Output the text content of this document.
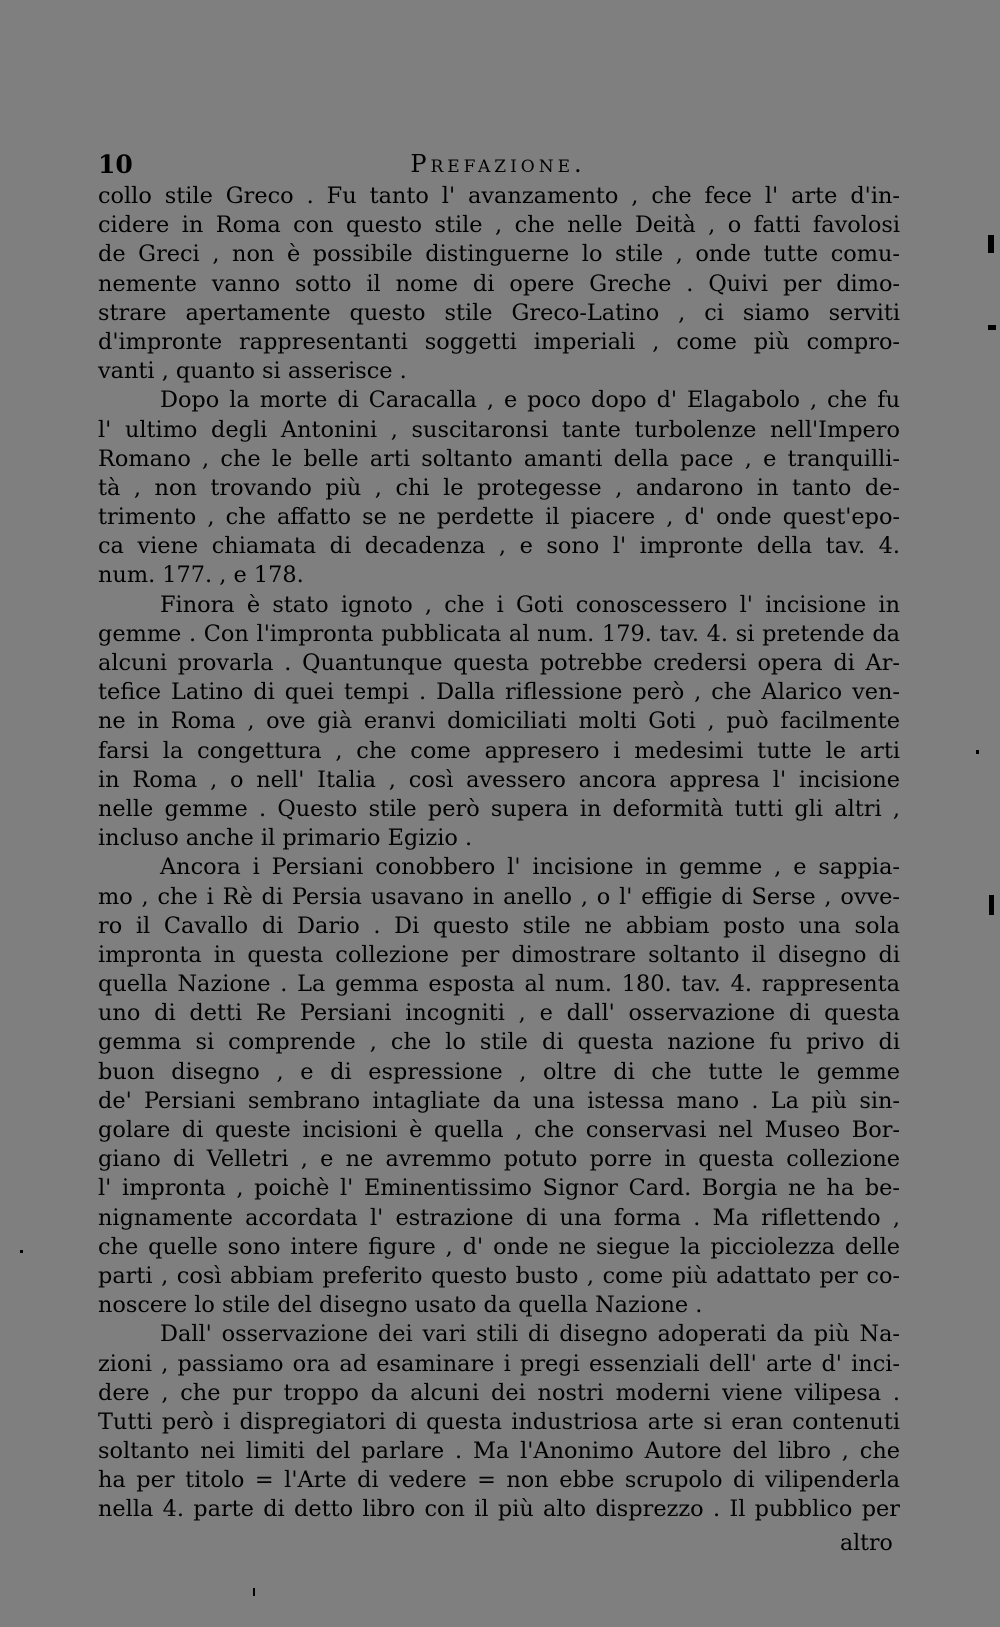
10	Prefazione.
collo stile Greco . Fu tanto l' avanzamento , che fece l' arte d'in-
cidere in Roma con questo stile , che nelle Deità , o fatti favolosi
de Greci , non è possibile distinguerne lo stile , onde tutte comu-
nemente vanno sotto il nome di opere Greche . Quivi per dimo-
strare apertamente questo stile Greco-Latino , ci siamo serviti
d'impronte rappresentanti soggetti imperiali , come più compro-
vanti , quanto si asserisce .
Dopo la morte di Caracalla , e poco dopo d' Elagabolo , che fu
l' ultimo degli Antonini , suscitaronsi tante turbolenze nell'Impero
Romano , che le belle arti soltanto amanti della pace , e tranquilli-
tà , non trovando più , chi le protegesse , andarono in tanto de-
trimento , che affatto se ne perdette il piacere , d' onde quest'epo-
ca viene chiamata di decadenza , e sono l' impronte della tav. 4.
num. 177. , e 178.
Finora è stato ignoto , che i Goti conoscessero l' incisione in
gemme . Con l'impronta pubblicata al num. 179. tav. 4. si pretende da
alcuni provarla . Quantunque questa potrebbe credersi opera di Ar-
tefice Latino di quei tempi . Dalla riflessione però , che Alarico ven-
ne in Roma , ove già eranvi domiciliati molti Goti , può facilmente
farsi la congettura , che come appresero i medesimi tutte le arti
in Roma , o nell' Italia , così avessero ancora appresa l' incisione
nelle gemme . Questo stile però supera in deformità tutti gli altri ,
incluso anche il primario Egizio .
Ancora i Persiani conobbero l' incisione in gemme , e sappia-
mo , che i Rè di Persia usavano in anello , o l' effigie di Serse , ovve-
ro il Cavallo di Dario . Di questo stile ne abbiam posto una sola
impronta in questa collezione per dimostrare soltanto il disegno di
quella Nazione . La gemma esposta al num. 180. tav. 4. rappresenta
uno di detti Re Persiani incogniti , e dall' osservazione di questa
gemma si comprende , che lo stile di questa nazione fu privo di
buon disegno , e di espressione , oltre di che tutte le gemme
de' Persiani sembrano intagliate da una istessa mano . La più sin-
golare di queste incisioni è quella , che conservasi nel Museo Bor-
giano di Velletri , e ne avremmo potuto porre in questa collezione
l' impronta , poichè l' Eminentissimo Signor Card. Borgia ne ha be-
nignamente accordata l' estrazione di una forma . Ma riflettendo ,
che quelle sono intere figure , d' onde ne siegue la picciolezza delle
parti , così abbiam preferito questo busto , come più adattato per co-
noscere lo stile del disegno usato da quella Nazione .
Dall' osservazione dei vari stili di disegno adoperati da più Na-
zioni , passiamo ora ad esaminare i pregi essenziali dell' arte d' inci-
dere , che pur troppo da alcuni dei nostri moderni viene vilipesa .
Tutti però i dispregiatori di questa industriosa arte si eran contenuti
soltanto nei limiti del parlare . Ma l'Anonimo Autore del libro , che
ha per titolo = l'Arte di vedere = non ebbe scrupolo di vilipenderla
nella 4. parte di detto libro con il più alto disprezzo . Il pubblico per
altro
